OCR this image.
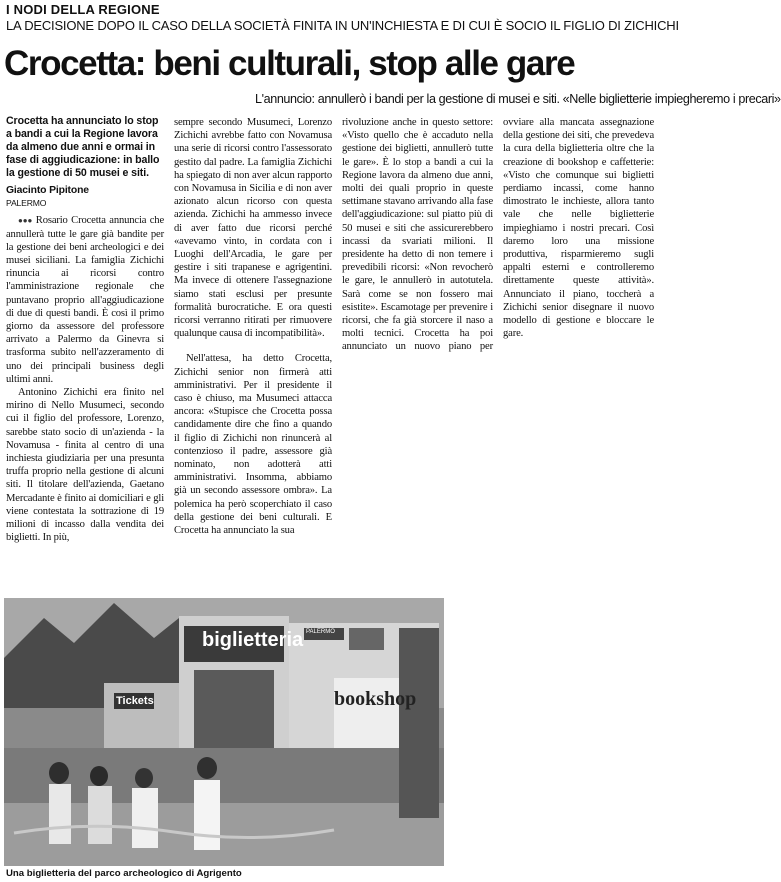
I NODI DELLA REGIONE
LA DECISIONE DOPO IL CASO DELLA SOCIETÀ FINITA IN UN'INCHIESTA E DI CUI È SOCIO IL FIGLIO DI ZICHICHI
Crocetta: beni culturali, stop alle gare
L'annuncio: annullerò i bandi per la gestione di musei e siti. «Nelle biglietterie impiegheremo i precari»
Crocetta ha annunciato lo stop a bandi a cui la Regione lavora da almeno due anni e ormai in fase di aggiudicazione: in ballo la gestione di 50 musei e siti.
Giacinto Pipitone
PALERMO

●●● Rosario Crocetta annuncia che annullerà tutte le gare già bandite per la gestione dei beni archeologici e dei musei siciliani. La famiglia Zichichi rinuncia ai ricorsi contro l'amministrazione regionale che puntavano proprio all'aggiudicazione di due di questi bandi. È così il primo giorno da assessore del professore arrivato a Palermo da Ginevra si trasforma subito nell'azzeramento di uno dei principali business degli ultimi anni.

Antonino Zichichi era finito nel mirino di Nello Musumeci, secondo cui il figlio del professore, Lorenzo, sarebbe stato socio di un'azienda - la Novamusa - finita al centro di una inchiesta giudiziaria per una presunta truffa proprio nella gestione di alcuni siti. Il titolare dell'azienda, Gaetano Mercadante è finito ai domiciliari e gli viene contestata la sottrazione di 19 milioni di incasso dalla vendita dei biglietti. In più,

sempre secondo Musumeci, Lorenzo Zichichi avrebbe fatto con Novamusa una serie di ricorsi contro l'assessorato gestito dal padre. La famiglia Zichichi ha spiegato di non aver alcun rapporto con Novamusa in Sicilia e di non aver azionato alcun ricorso con questa azienda. Zichichi ha ammesso invece di aver fatto due ricorsi perché «avevamo vinto, in cordata con i Luoghi dell'Arcadia, le gare per gestire i siti trapanese e agrigentini. Ma invece di ottenere l'assegnazione siamo stati esclusi per presunte formalità burocratiche. E ora questi ricorsi verranno ritirati per rimuovere qualunque causa di incompatibilità».

Nell'attesa, ha detto Crocetta, Zichichi senior non firmerà atti amministrativi. Per il presidente il caso è chiuso, ma Musumeci attacca ancora: «Stupisce che Crocetta possa candidamente dire che fino a quando il figlio di Zichichi non rinuncerà al contenzioso il padre, assessore già nominato, non adotterà atti amministrativi. Insomma, abbiamo già un secondo assessore ombra». La polemica ha però scoperchiato il caso della gestione dei beni culturali. E Crocetta ha annunciato la sua

rivoluzione anche in questo settore: «Visto quello che è accaduto nella gestione dei biglietti, annullerò tutte le gare». È lo stop a bandi a cui la Regione lavora da almeno due anni, molti dei quali proprio in queste settimane stavano arrivando alla fase dell'aggiudicazione: sul piatto più di 50 musei e siti che assicurerebbero incassi da svariati milioni. Il presidente ha detto di non temere i prevedibili ricorsi: «Non revocherò le gare, le annullerò in autotutela. Sarà come se non fossero mai esistite». Escamotage per prevenire i ricorsi, che fa già storcere il naso a molti tecnici. Crocetta ha poi annunciato un nuovo piano per ovviare alla mancata assegnazione della gestione dei siti, che prevedeva la cura della biglietteria oltre che la creazione di bookshop e caffetterie: «Visto che comunque sui biglietti perdiamo incassi, come hanno dimostrato le inchieste, allora tanto vale che nelle biglietterie impieghiamo i nostri precari. Così daremo loro una missione produttiva, risparmieremo sugli appalti esterni e controlleremo direttamente queste attività». Annunciato il piano, toccherà a Zichichi senior disegnare il nuovo modello di gestione e bloccare le gare.

biglietteria
Tickets	bookshop
PALERMO
Una biglietteria del parco archeologico di Agrigento
